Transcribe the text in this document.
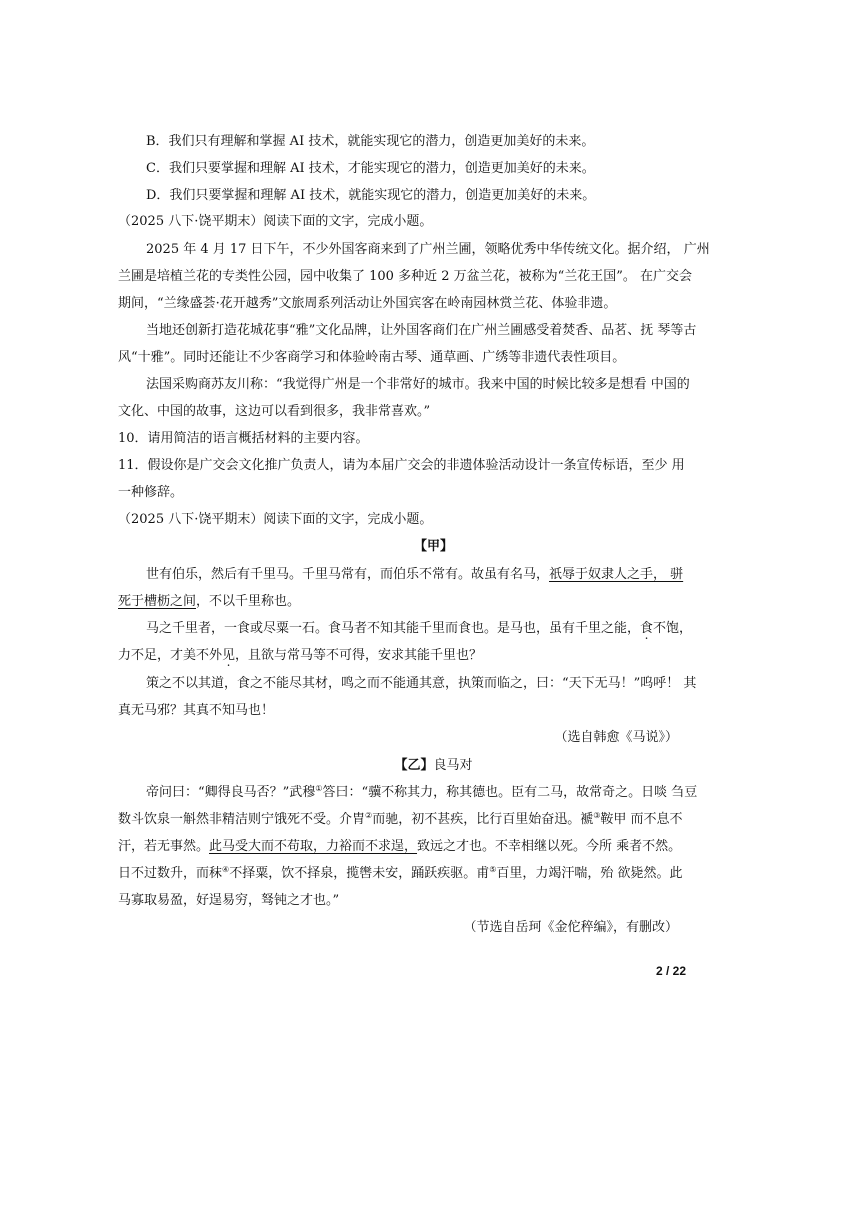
B．我们只有理解和掌握 AI 技术，就能实现它的潜力，创造更加美好的未来。
C．我们只要掌握和理解 AI 技术，才能实现它的潜力，创造更加美好的未来。
D．我们只要掌握和理解 AI 技术，就能实现它的潜力，创造更加美好的未来。
（2025 八下·饶平期末）阅读下面的文字，完成小题。
2025 年 4 月 17 日下午，不少外国客商来到了广州兰圃，领略优秀中华传统文化。据介绍， 广州
兰圃是培植兰花的专类性公园，园中收集了 100 多种近 2 万盆兰花，被称为“兰花王国”。 在广交会
期间，“兰缘盛荟·花开越秀”文旅周系列活动让外国宾客在岭南园林赏兰花、体验非遗。
当地还创新打造花城花事“雅”文化品牌，让外国客商们在广州兰圃感受着焚香、品茗、抚 琴等古
风“十雅”。同时还能让不少客商学习和体验岭南古琴、通草画、广绣等非遗代表性项目。
法国采购商苏友川称：“我觉得广州是一个非常好的城市。我来中国的时候比较多是想看 中国的
文化、中国的故事，这边可以看到很多，我非常喜欢。”
10．请用简洁的语言概括材料的主要内容。
11．假设你是广交会文化推广负责人，请为本届广交会的非遗体验活动设计一条宣传标语，至少 用
一种修辞。
（2025 八下·饶平期末）阅读下面的文字，完成小题。
【甲】
世有伯乐，然后有千里马。千里马常有，而伯乐不常有。故虽有名马，祇辱于奴隶人之手， 骈
死于槽枥之间，不以千里称也。
马之千里者，一食或尽粟一石。食马者不知其能千里而食也。是马也，虽有千里之能，食不饱，
力不足，才美不外见，且欲与常马等不可得，安求其能千里也？
策之不以其道，食之不能尽其材，鸣之而不能通其意，执策而临之，曰：“天下无马！”呜呼！ 其
真无马邪？其真不知马也！
（选自韩愈《马说》）
【乙】良马对
帝问曰：“卿得良马否？”武穆①答曰：“骥不称其力，称其德也。臣有二马，故常奇之。日啖 刍豆
数斗饮泉一斛然非精洁则宁饿死不受。介胄②而驰，初不甚疾，比行百里始奋迅。褫③鞍甲 而不息不
汗，若无事然。此马受大而不苟取，力裕而不求逞，致远之才也。不幸相继以死。今所 乘者不然。
日不过数升，而秣④不择粟，饮不择泉，揽辔未安，踊跃疾驱。甫⑤百里，力竭汗喘，殆 欲毙然。此
马寡取易盈，好逞易穷，驽钝之才也。”
（节选自岳珂《金佗稡编》，有删改）
2 / 22
